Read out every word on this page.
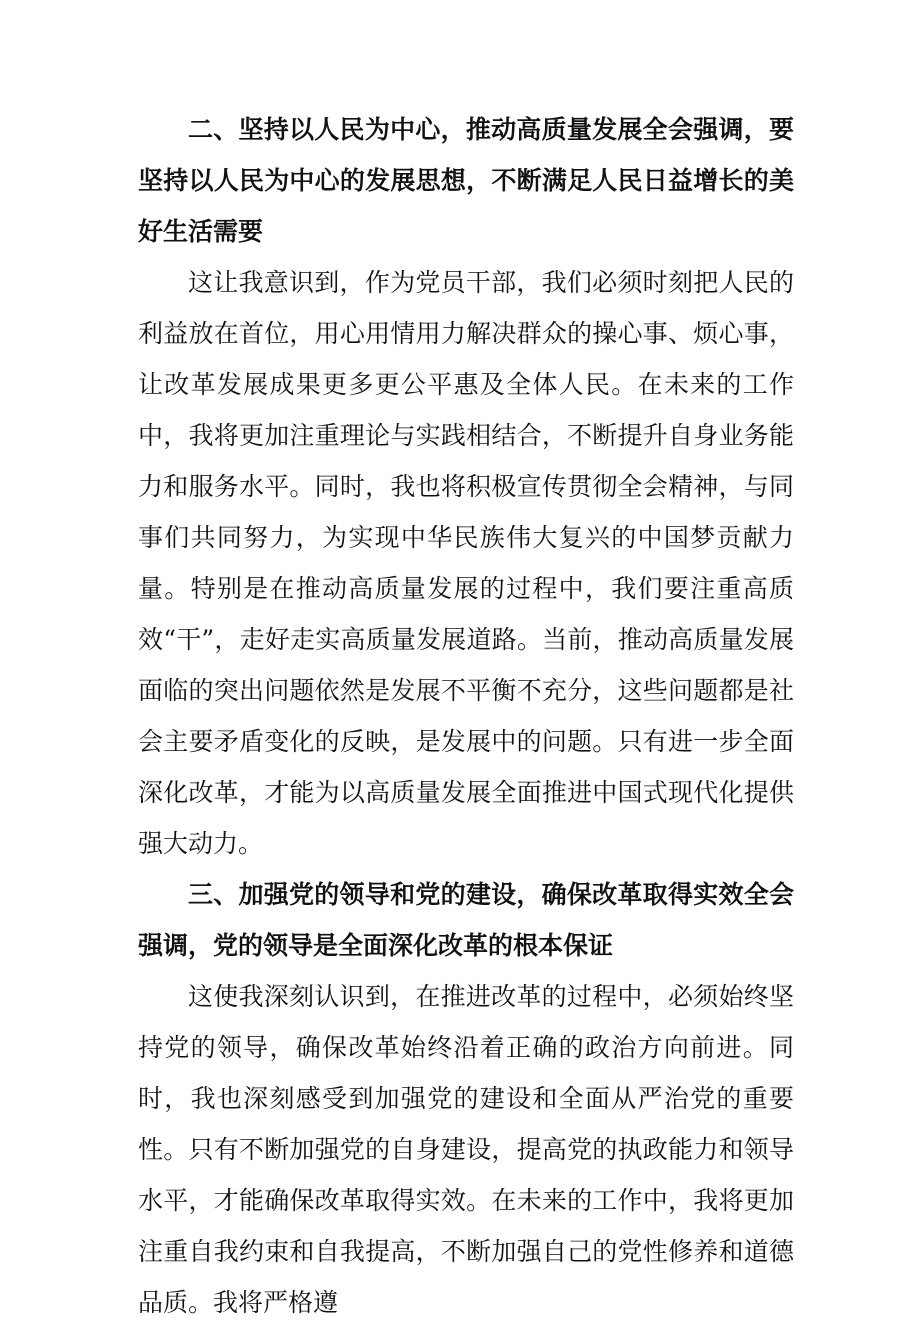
二、坚持以人民为中心，推动高质量发展全会强调，要坚持以人民为中心的发展思想，不断满足人民日益增长的美好生活需要

这让我意识到，作为党员干部，我们必须时刻把人民的利益放在首位，用心用情用力解决群众的操心事、烦心事，让改革发展成果更多更公平惠及全体人民。在未来的工作中，我将更加注重理论与实践相结合，不断提升自身业务能力和服务水平。同时，我也将积极宣传贯彻全会精神，与同事们共同努力，为实现中华民族伟大复兴的中国梦贡献力量。特别是在推动高质量发展的过程中，我们要注重高质效“干”，走好走实高质量发展道路。当前，推动高质量发展面临的突出问题依然是发展不平衡不充分，这些问题都是社会主要矛盾变化的反映，是发展中的问题。只有进一步全面深化改革，才能为以高质量发展全面推进中国式现代化提供强大动力。

三、加强党的领导和党的建设，确保改革取得实效全会强调，党的领导是全面深化改革的根本保证

这使我深刻认识到，在推进改革的过程中，必须始终坚持党的领导，确保改革始终沿着正确的政治方向前进。同时，我也深刻感受到加强党的建设和全面从严治党的重要性。只有不断加强党的自身建设，提高党的执政能力和领导水平，才能确保改革取得实效。在未来的工作中，我将更加注重自我约束和自我提高，不断加强自己的党性修养和道德品质。我将严格遵
